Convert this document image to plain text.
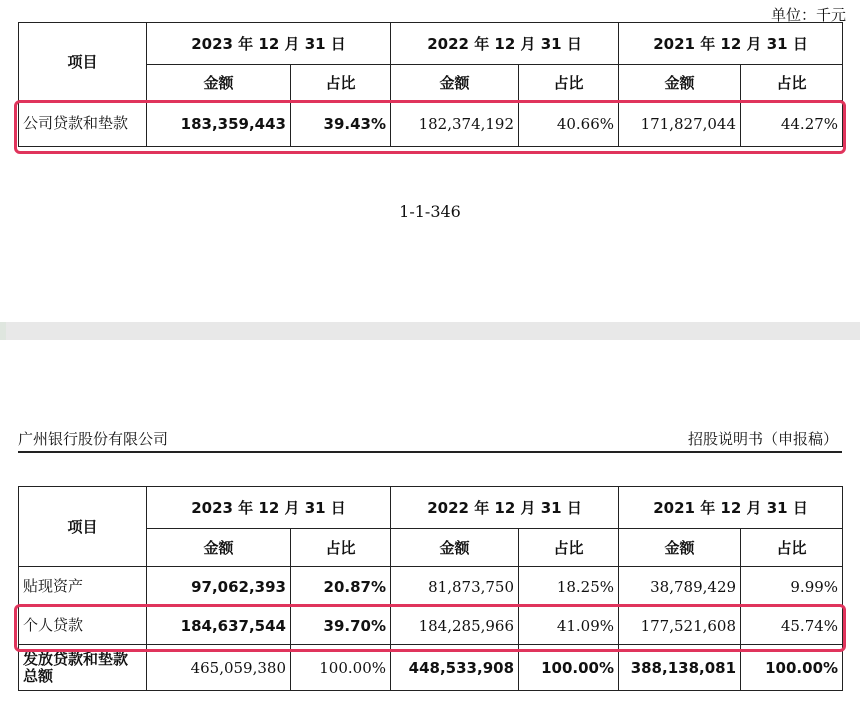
单位：千元
项目	2023 年 12 月 31 日		2022 年 12 月 31 日		2021 年 12 月 31 日	
	金额	占比	金额	占比	金额	占比
公司贷款和垫款	183,359,443	39.43%	182,374,192	40.66%	171,827,044	44.27%
1-1-346
广州银行股份有限公司	招股说明书（申报稿）
项目	2023 年 12 月 31 日		2022 年 12 月 31 日		2021 年 12 月 31 日	
	金额	占比	金额	占比	金额	占比
贴现资产	97,062,393	20.87%	81,873,750	18.25%	38,789,429	9.99%
个人贷款	184,637,544	39.70%	184,285,966	41.09%	177,521,608	45.74%
发放贷款和垫款总额	465,059,380	100.00%	448,533,908	100.00%	388,138,081	100.00%
